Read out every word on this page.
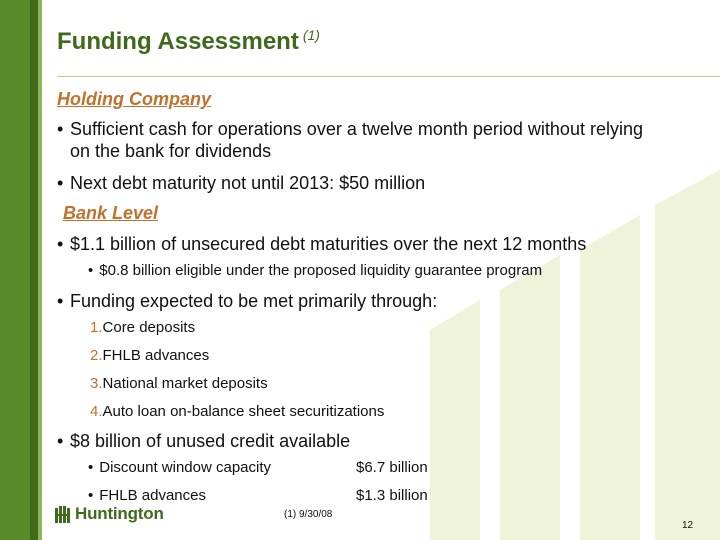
Funding Assessment $^{(1)}$
Holding Company
• Sufficient cash for operations over a twelve month period without relying on the bank for dividends
• Next debt maturity not until 2013: $50 million
Bank Level
• $1.1 billion of unsecured debt maturities over the next 12 months
• $0.8 billion eligible under the proposed liquidity guarantee program
• Funding expected to be met primarily through:
1.Core deposits
2.FHLB advances
3.National market deposits
4.Auto loan on-balance sheet securitizations
• $8 billion of unused credit available
• Discount window capacity	$6.7 billion
• FHLB advances	$1.3 billion
Huntington	(1) 9/30/08
12
